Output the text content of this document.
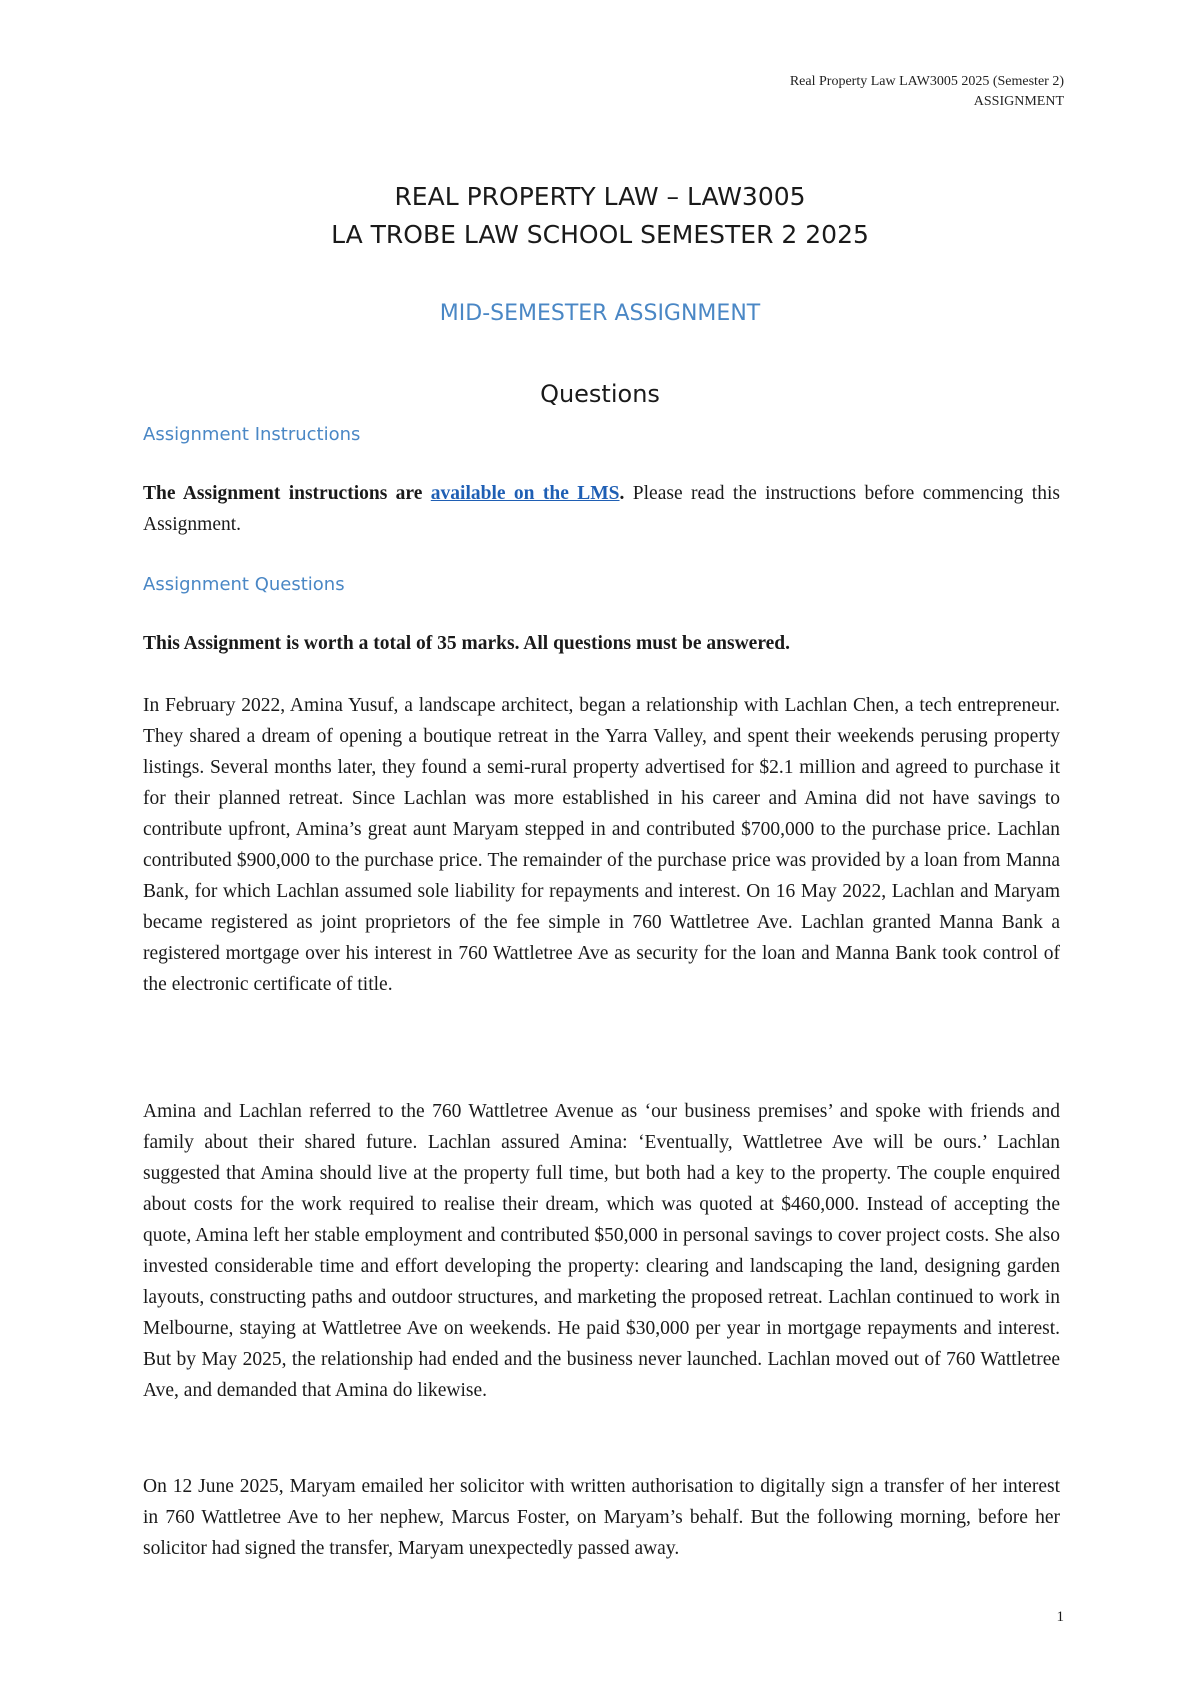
Real Property Law LAW3005 2025 (Semester 2)
ASSIGNMENT
REAL PROPERTY LAW – LAW3005
LA TROBE LAW SCHOOL SEMESTER 2 2025
MID-SEMESTER ASSIGNMENT
Questions
Assignment Instructions
The Assignment instructions are available on the LMS. Please read the instructions before commencing this Assignment.
Assignment Questions
This Assignment is worth a total of 35 marks. All questions must be answered.
In February 2022, Amina Yusuf, a landscape architect, began a relationship with Lachlan Chen, a tech entrepreneur. They shared a dream of opening a boutique retreat in the Yarra Valley, and spent their weekends perusing property listings. Several months later, they found a semi-rural property advertised for $2.1 million and agreed to purchase it for their planned retreat. Since Lachlan was more established in his career and Amina did not have savings to contribute upfront, Amina’s great aunt Maryam stepped in and contributed $700,000 to the purchase price. Lachlan contributed $900,000 to the purchase price. The remainder of the purchase price was provided by a loan from Manna Bank, for which Lachlan assumed sole liability for repayments and interest. On 16 May 2022, Lachlan and Maryam became registered as joint proprietors of the fee simple in 760 Wattletree Ave. Lachlan granted Manna Bank a registered mortgage over his interest in 760 Wattletree Ave as security for the loan and Manna Bank took control of the electronic certificate of title.
Amina and Lachlan referred to the 760 Wattletree Avenue as ‘our business premises’ and spoke with friends and family about their shared future. Lachlan assured Amina: ‘Eventually, Wattletree Ave will be ours.’ Lachlan suggested that Amina should live at the property full time, but both had a key to the property. The couple enquired about costs for the work required to realise their dream, which was quoted at $460,000. Instead of accepting the quote, Amina left her stable employment and contributed $50,000 in personal savings to cover project costs. She also invested considerable time and effort developing the property: clearing and landscaping the land, designing garden layouts, constructing paths and outdoor structures, and marketing the proposed retreat. Lachlan continued to work in Melbourne, staying at Wattletree Ave on weekends. He paid $30,000 per year in mortgage repayments and interest. But by May 2025, the relationship had ended and the business never launched. Lachlan moved out of 760 Wattletree Ave, and demanded that Amina do likewise.
On 12 June 2025, Maryam emailed her solicitor with written authorisation to digitally sign a transfer of her interest in 760 Wattletree Ave to her nephew, Marcus Foster, on Maryam’s behalf. But the following morning, before her solicitor had signed the transfer, Maryam unexpectedly passed away.
1
